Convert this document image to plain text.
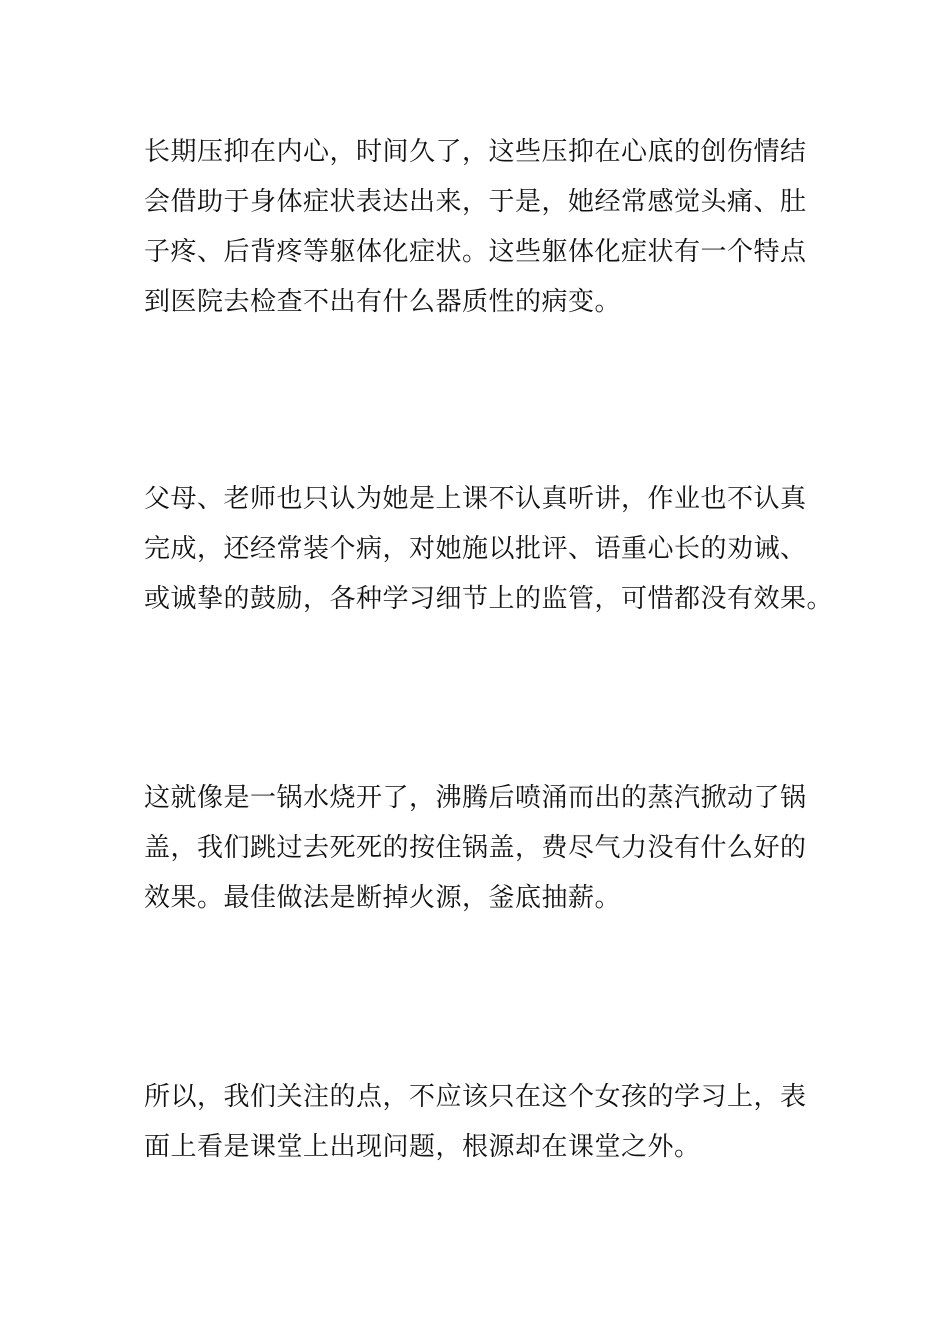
长期压抑在内心，时间久了，这些压抑在心底的创伤情结
会借助于身体症状表达出来，于是，她经常感觉头痛、肚
子疼、后背疼等躯体化症状。这些躯体化症状有一个特点
到医院去检查不出有什么器质性的病变。
父母、老师也只认为她是上课不认真听讲，作业也不认真
完成，还经常装个病，对她施以批评、语重心长的劝诫、
或诚挚的鼓励，各种学习细节上的监管，可惜都没有效果。
这就像是一锅水烧开了，沸腾后喷涌而出的蒸汽掀动了锅
盖，我们跳过去死死的按住锅盖，费尽气力没有什么好的
效果。最佳做法是断掉火源，釜底抽薪。
所以，我们关注的点，不应该只在这个女孩的学习上，表
面上看是课堂上出现问题，根源却在课堂之外。
